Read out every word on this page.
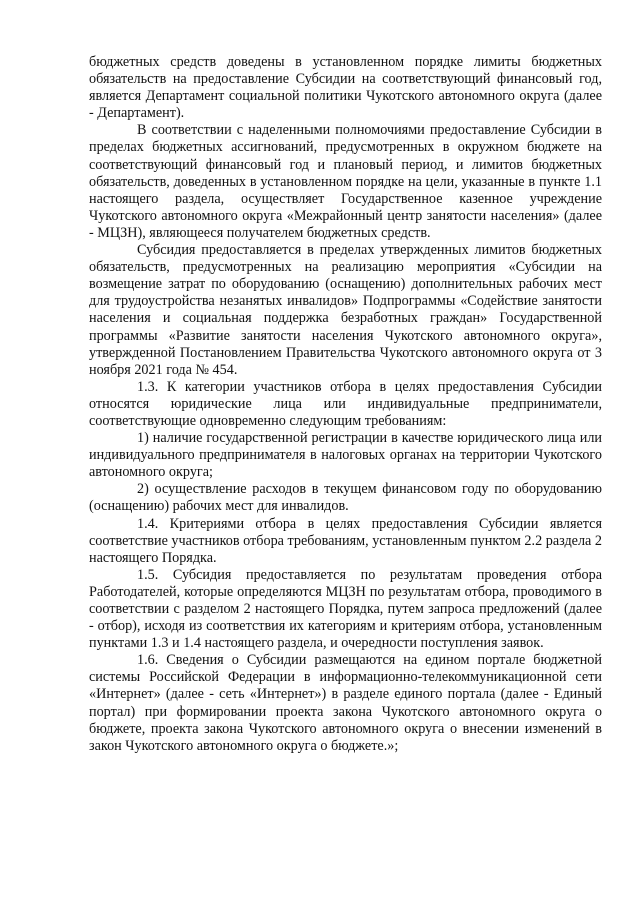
бюджетных средств доведены в установленном порядке лимиты бюджетных обязательств на предоставление Субсидии на соответствующий финансовый год, является Департамент социальной политики Чукотского автономного округа (далее - Департамент).

В соответствии с наделенными полномочиями предоставление Субсидии в пределах бюджетных ассигнований, предусмотренных в окружном бюджете на соответствующий финансовый год и плановый период, и лимитов бюджетных обязательств, доведенных в установленном порядке на цели, указанные в пункте 1.1 настоящего раздела, осуществляет Государственное казенное учреждение Чукотского автономного округа «Межрайонный центр занятости населения» (далее - МЦЗН), являющееся получателем бюджетных средств.

Субсидия предоставляется в пределах утвержденных лимитов бюджетных обязательств, предусмотренных на реализацию мероприятия «Субсидии на возмещение затрат по оборудованию (оснащению) дополнительных рабочих мест для трудоустройства незанятых инвалидов» Подпрограммы «Содействие занятости населения и социальная поддержка безработных граждан» Государственной программы «Развитие занятости населения Чукотского автономного округа», утвержденной Постановлением Правительства Чукотского автономного округа от 3 ноября 2021 года № 454.

1.3. К категории участников отбора в целях предоставления Субсидии относятся юридические лица или индивидуальные предприниматели, соответствующие одновременно следующим требованиям:

1) наличие государственной регистрации в качестве юридического лица или индивидуального предпринимателя в налоговых органах на территории Чукотского автономного округа;

2) осуществление расходов в текущем финансовом году по оборудованию (оснащению) рабочих мест для инвалидов.

1.4. Критериями отбора в целях предоставления Субсидии является соответствие участников отбора требованиям, установленным пунктом 2.2 раздела 2 настоящего Порядка.

1.5. Субсидия предоставляется по результатам проведения отбора Работодателей, которые определяются МЦЗН по результатам отбора, проводимого в соответствии с разделом 2 настоящего Порядка, путем запроса предложений (далее - отбор), исходя из соответствия их категориям и критериям отбора, установленным пунктами 1.3 и 1.4 настоящего раздела, и очередности поступления заявок.

1.6. Сведения о Субсидии размещаются на едином портале бюджетной системы Российской Федерации в информационно-телекоммуникационной сети «Интернет» (далее - сеть «Интернет») в разделе единого портала (далее - Единый портал) при формировании проекта закона Чукотского автономного округа о бюджете, проекта закона Чукотского автономного округа о внесении изменений в закон Чукотского автономного округа о бюджете.»;
